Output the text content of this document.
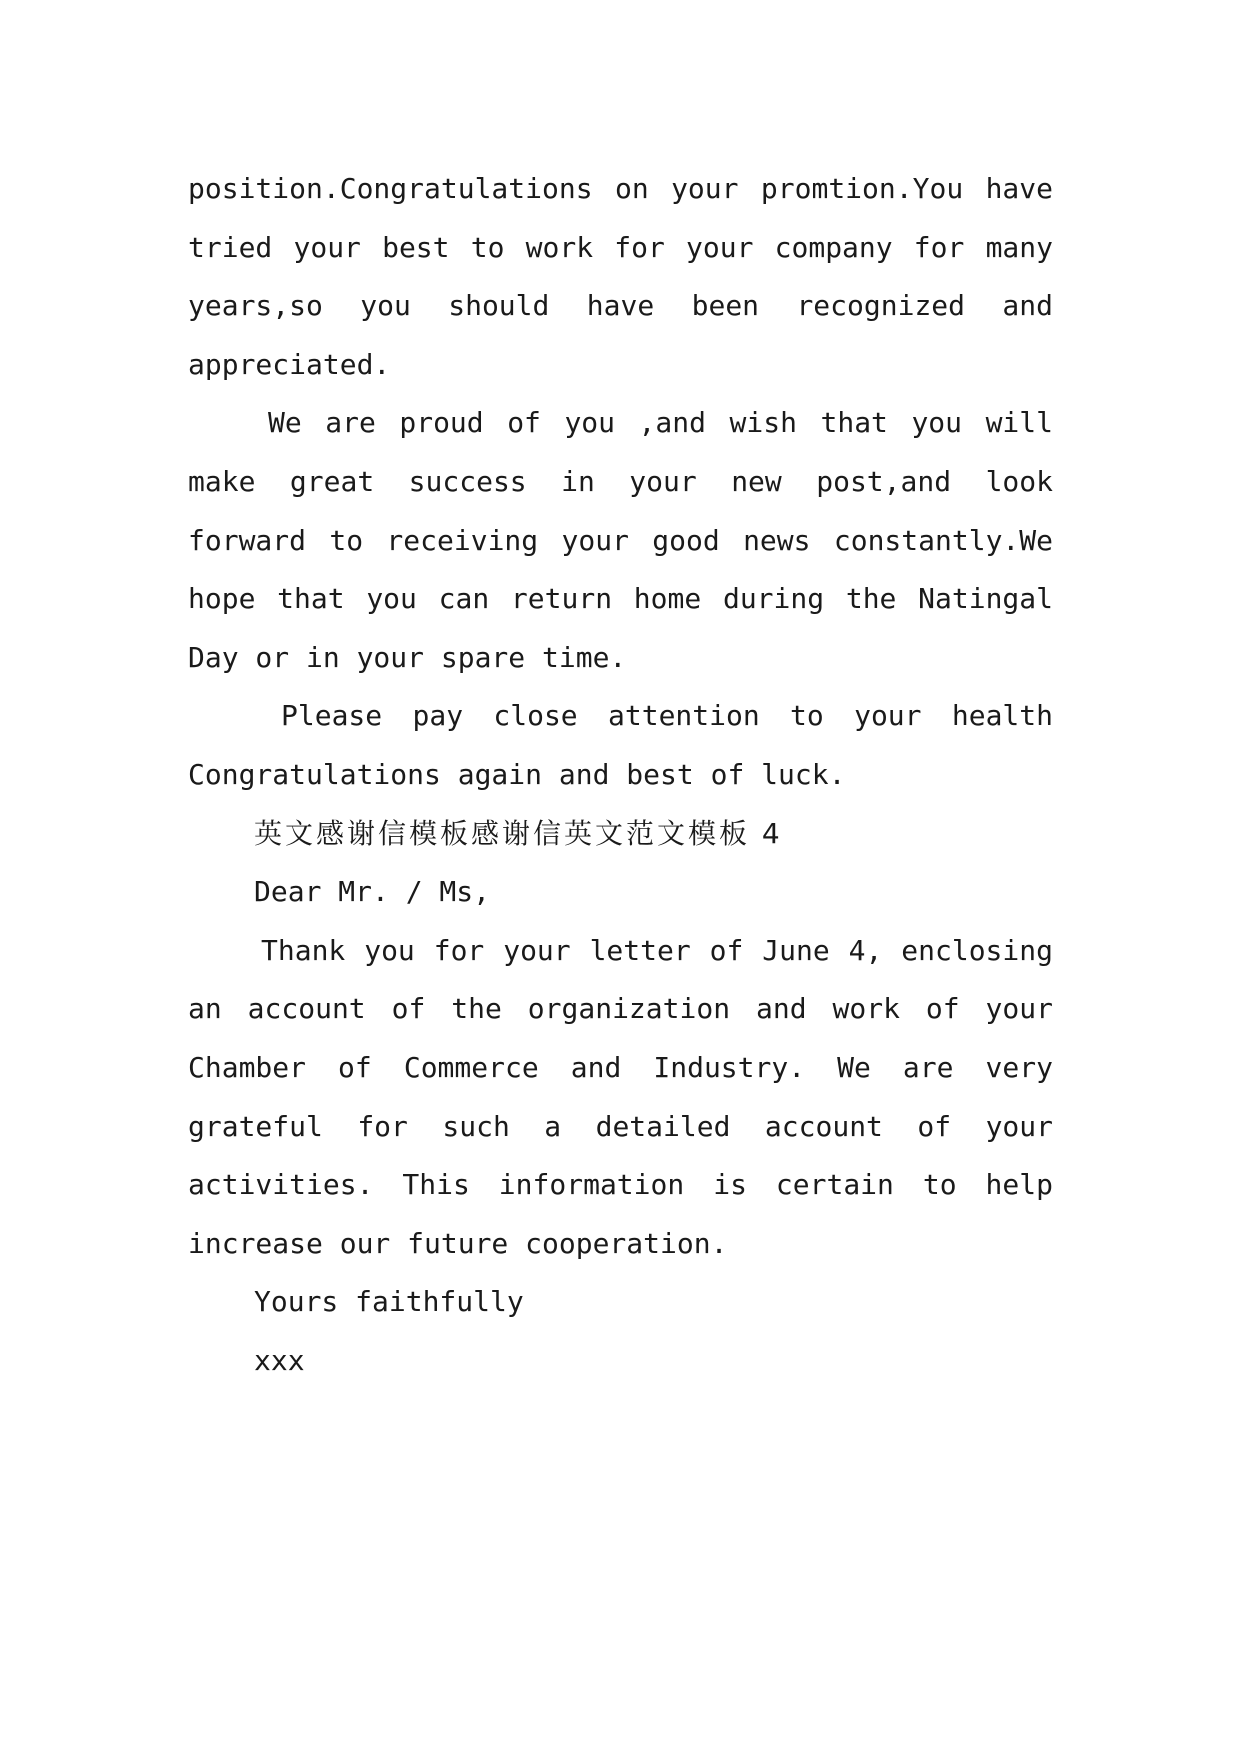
position.Congratulations on your promtion.You have
tried your best to work for your company for many
years,so you should have been recognized and
appreciated.
We are proud of you ,and wish that you will
make great success in your new post,and look
forward to receiving your good news constantly.We
hope that you can return home during the Natingal
Day or in your spare time.
Please pay close attention to your health
Congratulations again and best of luck.
英文感谢信模板感谢信英文范文模板 4
Dear Mr. / Ms,
Thank you for your letter of June 4, enclosing
an account of the organization and work of your
Chamber of Commerce and Industry. We are very
grateful for such a detailed account of your
activities. This information is certain to help
increase our future cooperation.
Yours faithfully
xxx
